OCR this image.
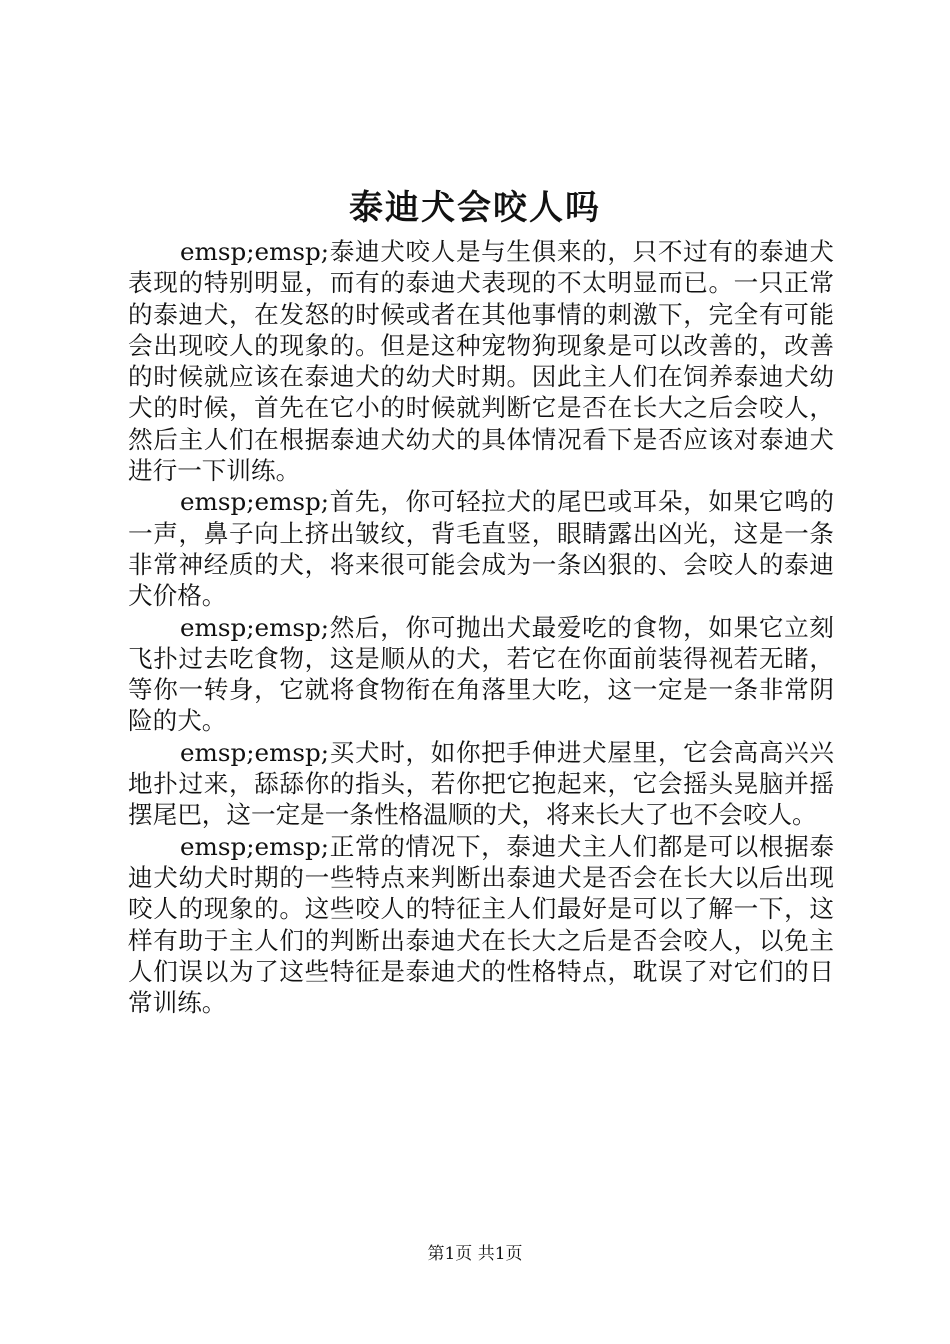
泰迪犬会咬人吗

emsp;emsp;泰迪犬咬人是与生俱来的，只不过有的泰迪犬表现的特别明显，而有的泰迪犬表现的不太明显而已。一只正常的泰迪犬，在发怒的时候或者在其他事情的刺激下，完全有可能会出现咬人的现象的。但是这种宠物狗现象是可以改善的，改善的时候就应该在泰迪犬的幼犬时期。因此主人们在饲养泰迪犬幼犬的时候，首先在它小的时候就判断它是否在长大之后会咬人，然后主人们在根据泰迪犬幼犬的具体情况看下是否应该对泰迪犬进行一下训练。

emsp;emsp;首先，你可轻拉犬的尾巴或耳朵，如果它鸣的一声，鼻子向上挤出皱纹，背毛直竖，眼睛露出凶光，这是一条非常神经质的犬，将来很可能会成为一条凶狠的、会咬人的泰迪犬价格。

emsp;emsp;然后，你可抛出犬最爱吃的食物，如果它立刻飞扑过去吃食物，这是顺从的犬，若它在你面前装得视若无睹，等你一转身，它就将食物衔在角落里大吃，这一定是一条非常阴险的犬。

emsp;emsp;买犬时，如你把手伸进犬屋里，它会高高兴兴地扑过来，舔舔你的指头，若你把它抱起来，它会摇头晃脑并摇摆尾巴，这一定是一条性格温顺的犬，将来长大了也不会咬人。

emsp;emsp;正常的情况下，泰迪犬主人们都是可以根据泰迪犬幼犬时期的一些特点来判断出泰迪犬是否会在长大以后出现咬人的现象的。这些咬人的特征主人们最好是可以了解一下，这样有助于主人们的判断出泰迪犬在长大之后是否会咬人，以免主人们误以为了这些特征是泰迪犬的性格特点，耽误了对它们的日常训练。

第1页 共1页
